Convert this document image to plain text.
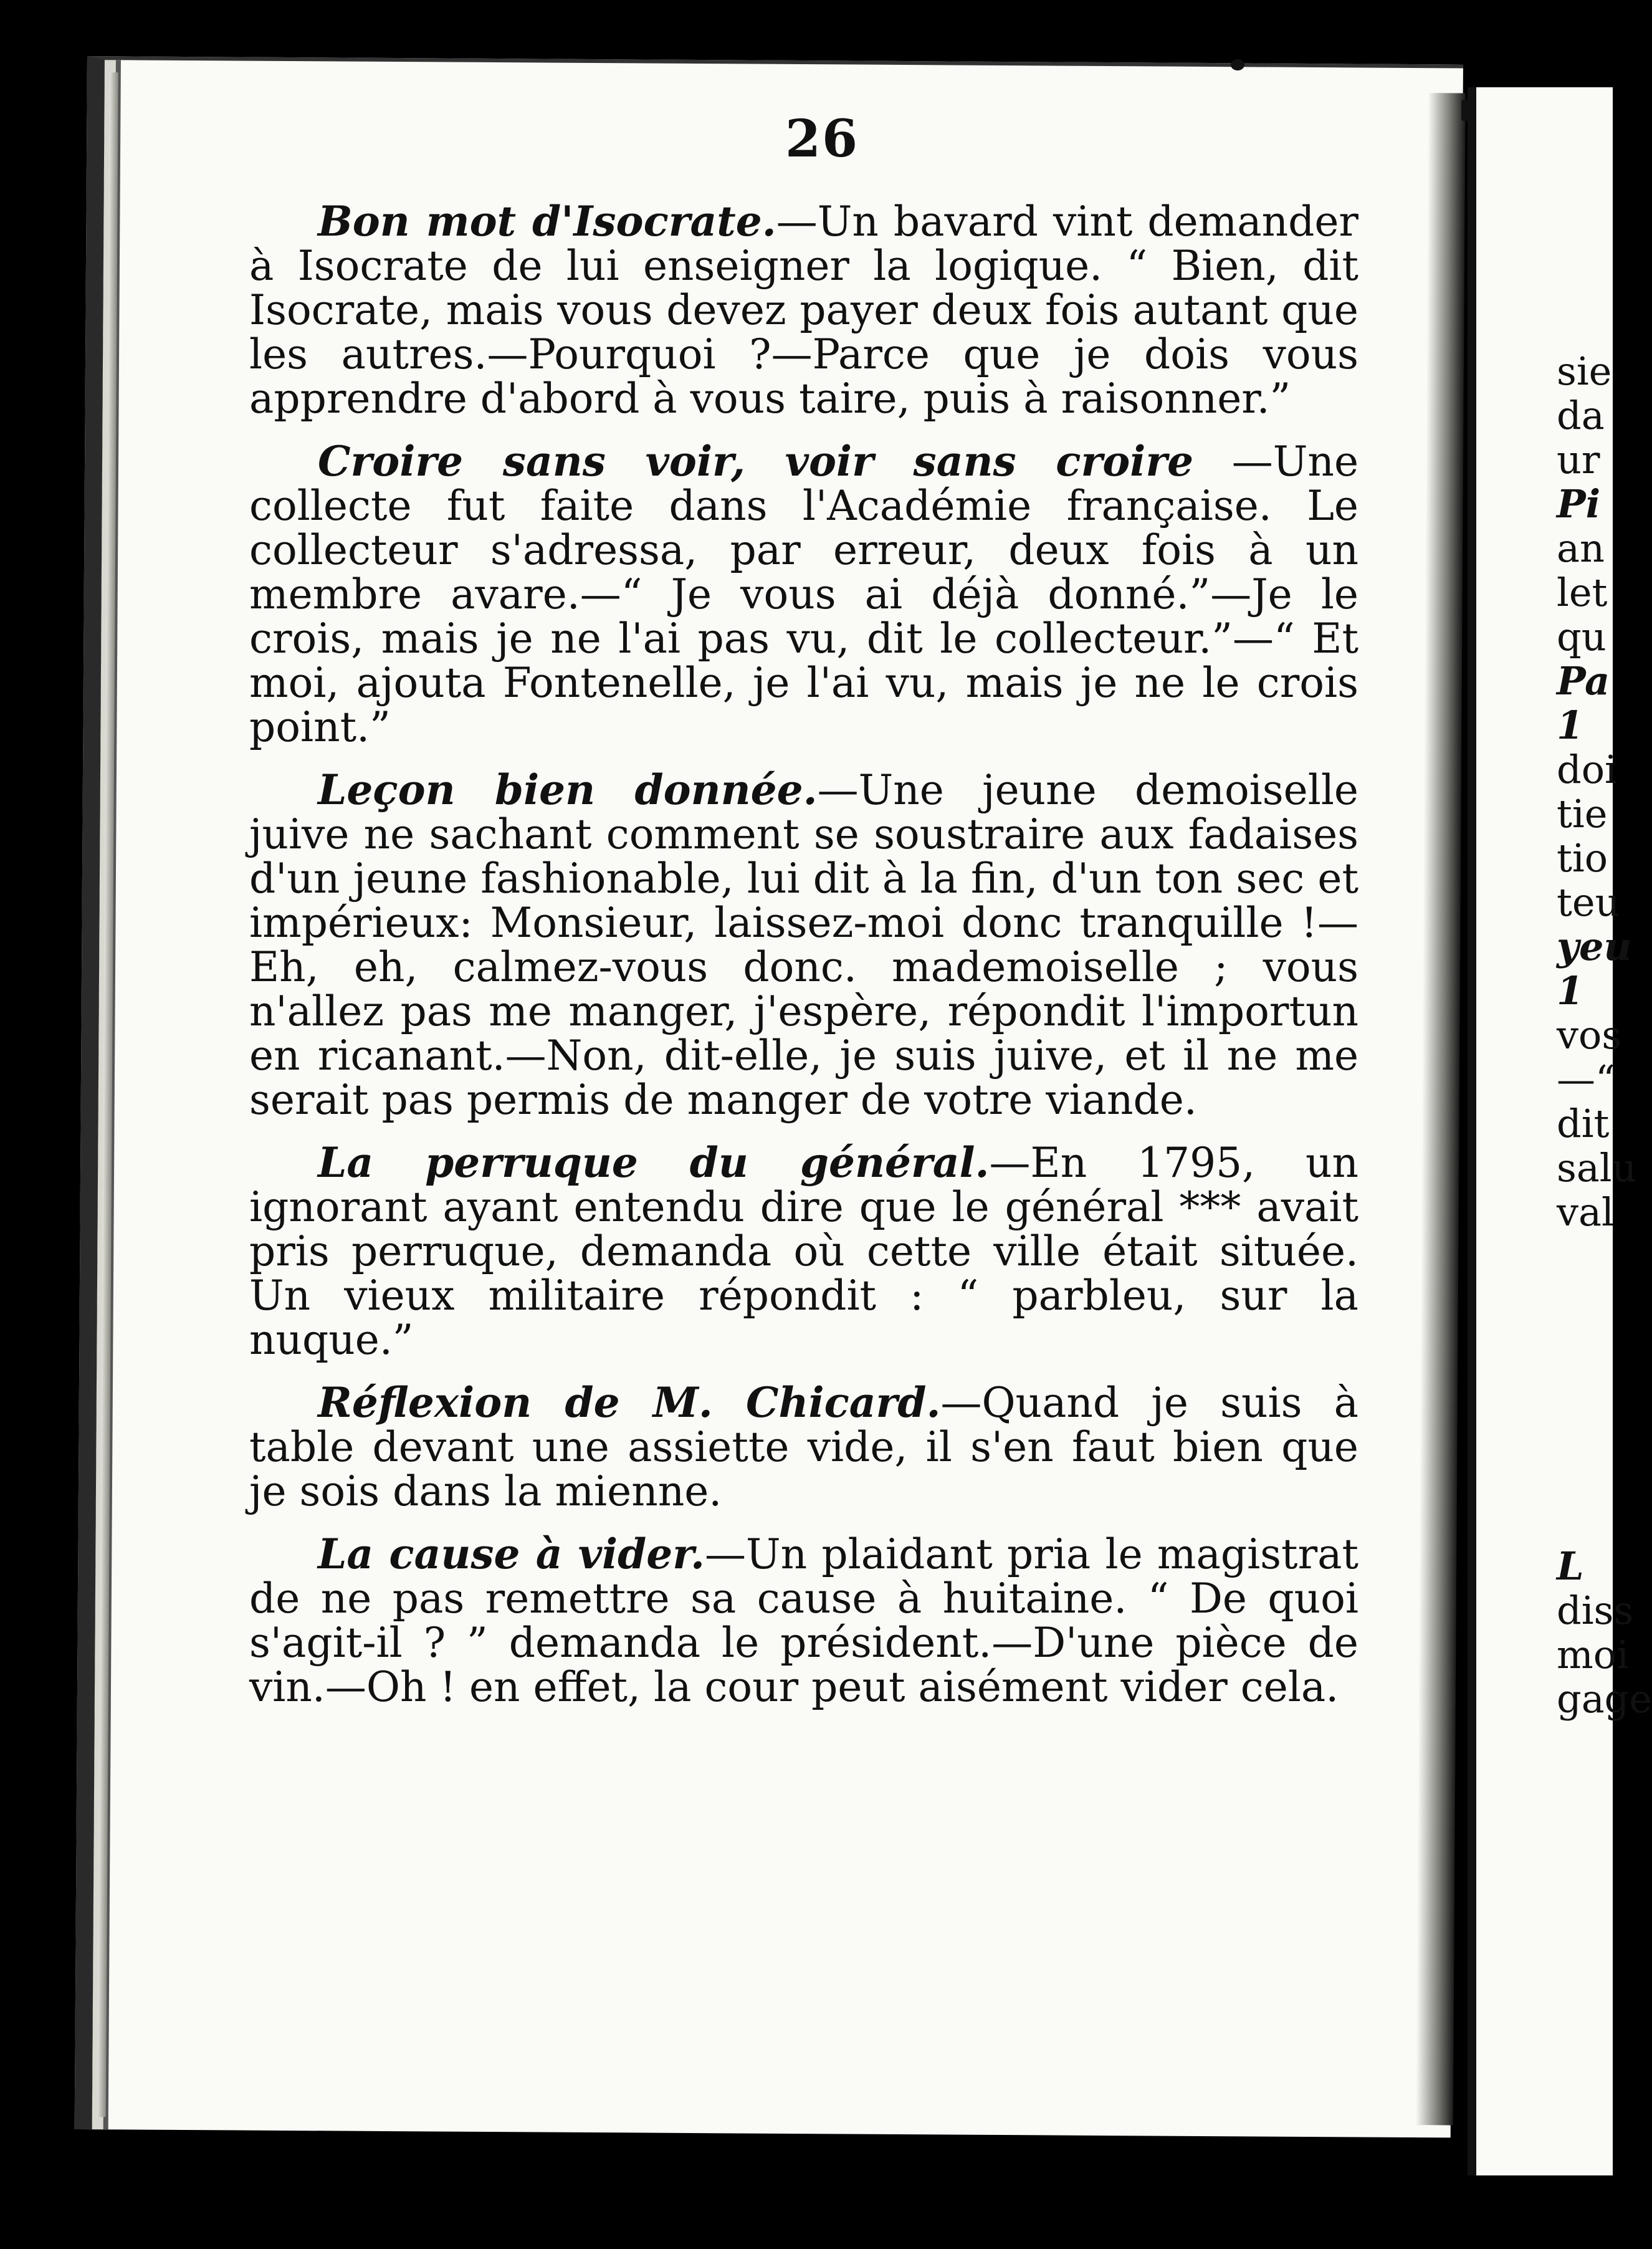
sie
da
ur
Pi
an
let
qu
Pa
1
doi
tie
tio
teu
yeu
1
vos
—“
dit
salu
val

L
diss
moi
gage
26

Bon mot d'Isocrate.—Un bavard vint demander à Isocrate de lui enseigner la logique. “ Bien, dit Isocrate, mais vous devez payer deux fois autant que les autres.—Pourquoi ?—Parce que je dois vous apprendre d'abord à vous taire, puis à raisonner.”

Croire sans voir, voir sans croire —Une collecte fut faite dans l'Académie française. Le collecteur s'adressa, par erreur, deux fois à un membre avare.—“ Je vous ai déjà donné.”—Je le crois, mais je ne l'ai pas vu, dit le collecteur.”—“ Et moi, ajouta Fontenelle, je l'ai vu, mais je ne le crois point.”

Leçon bien donnée.—Une jeune demoiselle juive ne sachant comment se soustraire aux fadaises d'un jeune fashionable, lui dit à la fin, d'un ton sec et impérieux: Monsieur, laissez-moi donc tranquille !—Eh, eh, calmez-vous donc. mademoiselle ; vous n'allez pas me manger, j'espère, répondit l'importun en ricanant.—Non, dit-elle, je suis juive, et il ne me serait pas permis de manger de votre viande.

La perruque du général.—En 1795, un ignorant ayant entendu dire que le général *** avait pris perruque, demanda où cette ville était située. Un vieux militaire répondit : “ parbleu, sur la nuque.”

Réflexion de M. Chicard.—Quand je suis à table devant une assiette vide, il s'en faut bien que je sois dans la mienne.

La cause à vider.—Un plaidant pria le magistrat de ne pas remettre sa cause à huitaine. “ De quoi s'agit-il ? ” demanda le président.—D'une pièce de vin.—Oh ! en effet, la cour peut aisément vider cela.
